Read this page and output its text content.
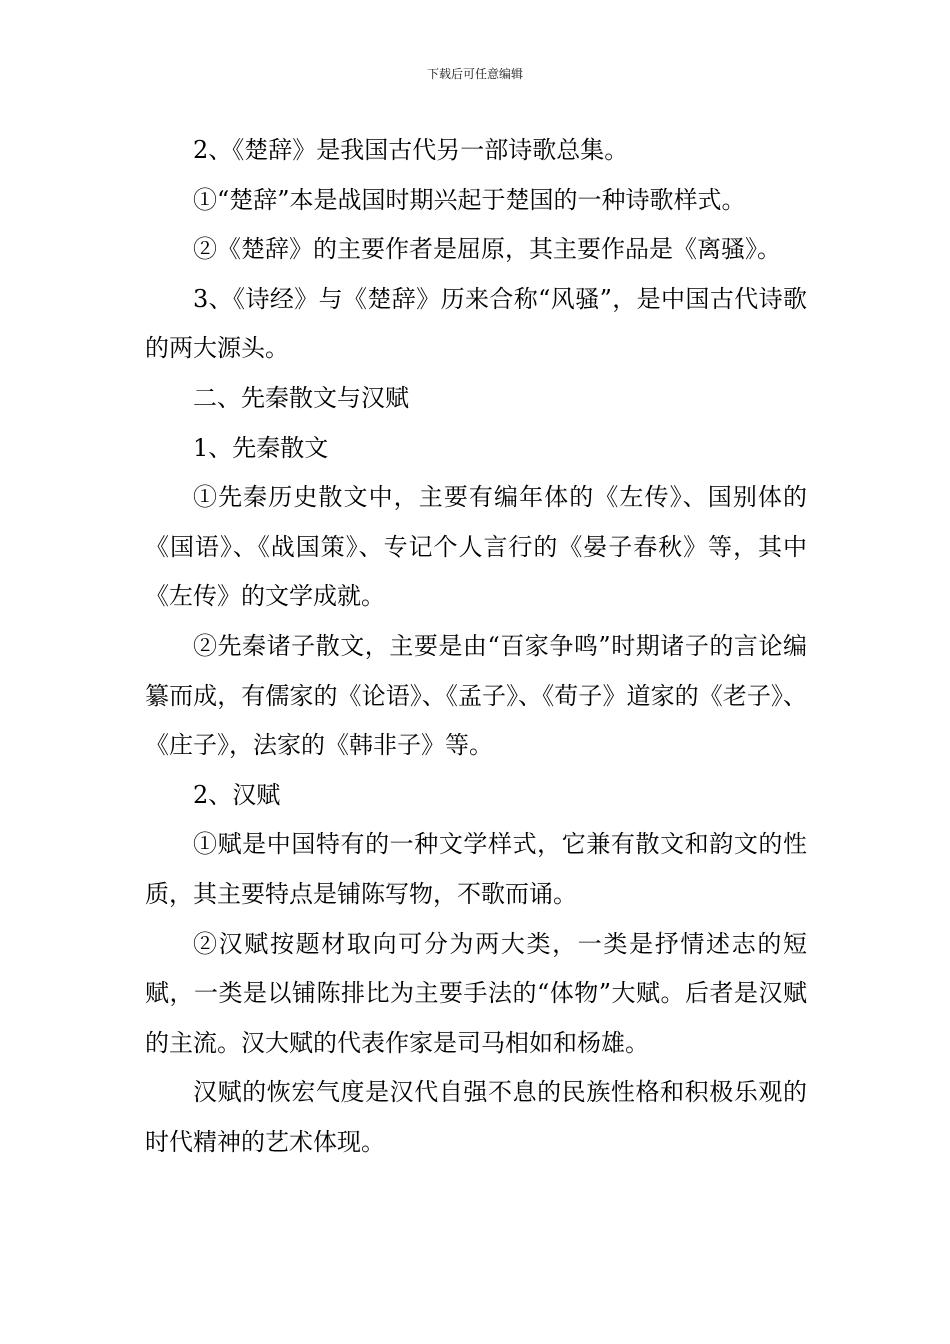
下载后可任意编辑

2、《楚辞》是我国古代另一部诗歌总集。

①“楚辞”本是战国时期兴起于楚国的一种诗歌样式。

②《楚辞》的主要作者是屈原，其主要作品是《离骚》。

3、《诗经》与《楚辞》历来合称“风骚”，是中国古代诗歌的两大源头。

二、先秦散文与汉赋

1、先秦散文

①先秦历史散文中，主要有编年体的《左传》、国别体的《国语》、《战国策》、专记个人言行的《晏子春秋》等，其中《左传》的文学成就。

②先秦诸子散文，主要是由“百家争鸣”时期诸子的言论编纂而成，有儒家的《论语》、《孟子》、《荀子》道家的《老子》、《庄子》，法家的《韩非子》等。

2、汉赋

①赋是中国特有的一种文学样式，它兼有散文和韵文的性质，其主要特点是铺陈写物，不歌而诵。

②汉赋按题材取向可分为两大类，一类是抒情述志的短赋，一类是以铺陈排比为主要手法的“体物”大赋。后者是汉赋的主流。汉大赋的代表作家是司马相如和杨雄。

汉赋的恢宏气度是汉代自强不息的民族性格和积极乐观的时代精神的艺术体现。
